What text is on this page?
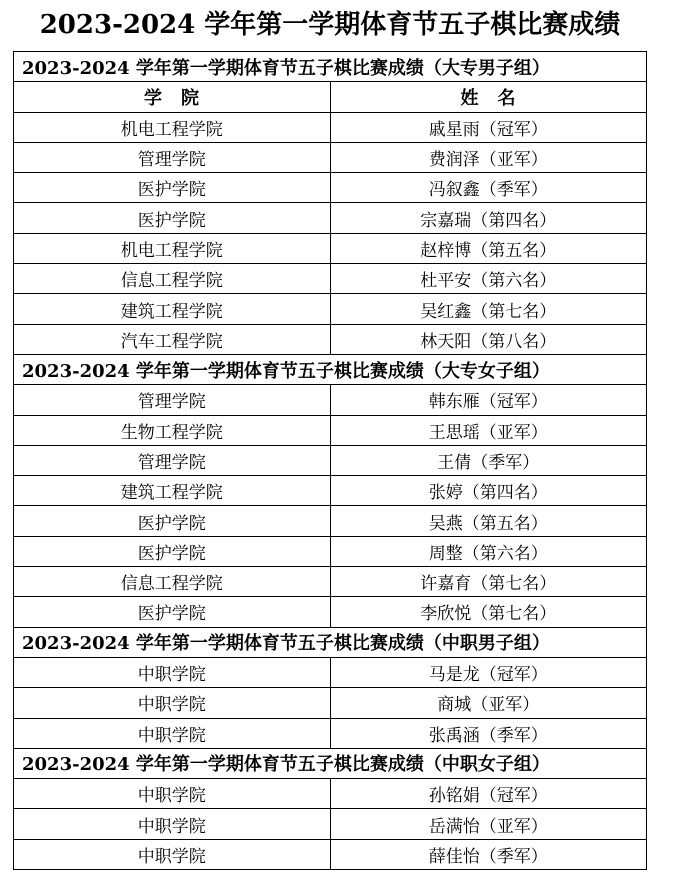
2023-2024 学年第一学期体育节五子棋比赛成绩
2023-2024 学年第一学期体育节五子棋比赛成绩（大专男子组）	
学　院	姓　名
机电工程学院	戚星雨（冠军）
管理学院	费润泽（亚军）
医护学院	冯叙鑫（季军）
医护学院	宗嘉瑞（第四名）
机电工程学院	赵梓博（第五名）
信息工程学院	杜平安（第六名）
建筑工程学院	吴红鑫（第七名）
汽车工程学院	林天阳（第八名）
2023-2024 学年第一学期体育节五子棋比赛成绩（大专女子组）	
管理学院	韩东雁（冠军）
生物工程学院	王思瑶（亚军）
管理学院	王倩（季军）
建筑工程学院	张婷（第四名）
医护学院	吴燕（第五名）
医护学院	周整（第六名）
信息工程学院	许嘉育（第七名）
医护学院	李欣悦（第七名）
2023-2024 学年第一学期体育节五子棋比赛成绩（中职男子组）	
中职学院	马是龙（冠军）
中职学院	商城（亚军）
中职学院	张禹涵（季军）
2023-2024 学年第一学期体育节五子棋比赛成绩（中职女子组）	
中职学院	孙铭娟（冠军）
中职学院	岳满怡（亚军）
中职学院	薛佳怡（季军）
